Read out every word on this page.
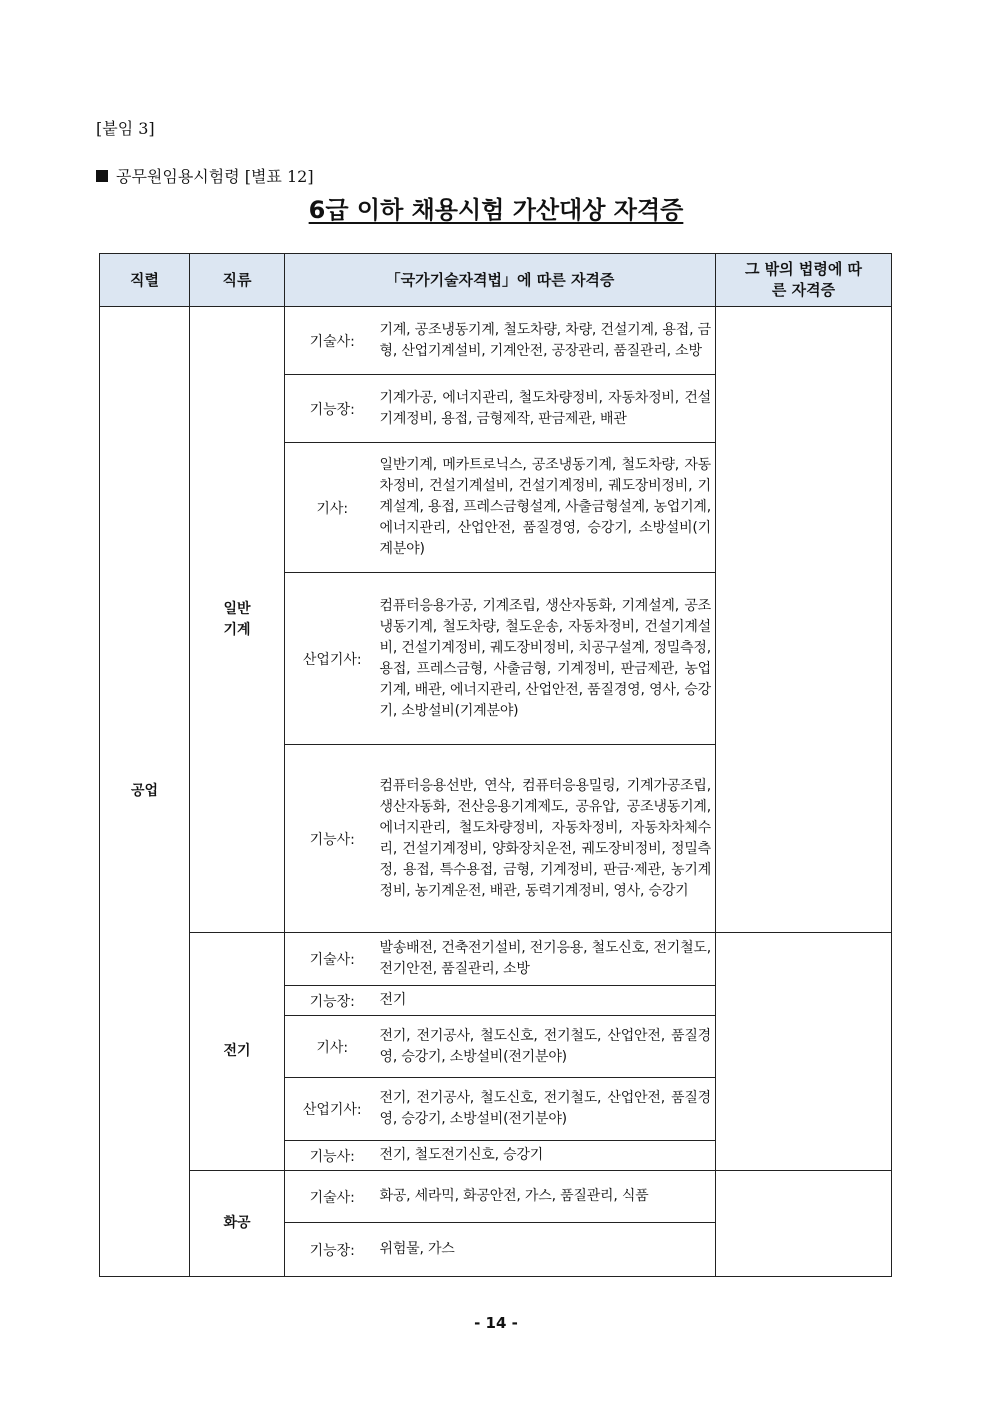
[붙임 3]
공무원임용시험령 [별표 12]
6급 이하 채용시험 가산대상 자격증
직렬	직류	「국가기술자격법」에 따른 자격증		그 밖의 법령에 따른 자격증

공업	일반 기계	기술사:	기계, 공조냉동기계, 철도차량, 차량, 건설기계, 용접, 금형, 산업기계설비, 기계안전, 공장관리, 품질관리, 소방	
		기능장:	기계가공, 에너지관리, 철도차량정비, 자동차정비, 건설기계정비, 용접, 금형제작, 판금제관, 배관	
		기사:	일반기계, 메카트로닉스, 공조냉동기계, 철도차량, 자동차정비, 건설기계설비, 건설기계정비, 궤도장비정비, 기계설계, 용접, 프레스금형설계, 사출금형설계, 농업기계, 에너지관리, 산업안전, 품질경영, 승강기, 소방설비(기계분야)	
		산업기사:	컴퓨터응용가공, 기계조립, 생산자동화, 기계설계, 공조냉동기계, 철도차량, 철도운송, 자동차정비, 건설기계설비, 건설기계정비, 궤도장비정비, 치공구설계, 정밀측정, 용접, 프레스금형, 사출금형, 기계정비, 판금제관, 농업기계, 배관, 에너지관리, 산업안전, 품질경영, 영사, 승강기, 소방설비(기계분야)	
		기능사:	컴퓨터응용선반, 연삭, 컴퓨터응용밀링, 기계가공조립, 생산자동화, 전산응용기계제도, 공유압, 공조냉동기계, 에너지관리, 철도차량정비, 자동차정비, 자동차차체수리, 건설기계정비, 양화장치운전, 궤도장비정비, 정밀측정, 용접, 특수용접, 금형, 기계정비, 판금·제관, 농기계정비, 농기계운전, 배관, 동력기계정비, 영사, 승강기	
	전기	기술사:	발송배전, 건축전기설비, 전기응용, 철도신호, 전기철도, 전기안전, 품질관리, 소방	
		기능장:	전기	
		기사:	전기, 전기공사, 철도신호, 전기철도, 산업안전, 품질경영, 승강기, 소방설비(전기분야)	
		산업기사:	전기, 전기공사, 철도신호, 전기철도, 산업안전, 품질경영, 승강기, 소방설비(전기분야)	
		기능사:	전기, 철도전기신호, 승강기	
	화공	기술사:	화공, 세라믹, 화공안전, 가스, 품질관리, 식품	
		기능장:	위험물, 가스	
- 14 -
